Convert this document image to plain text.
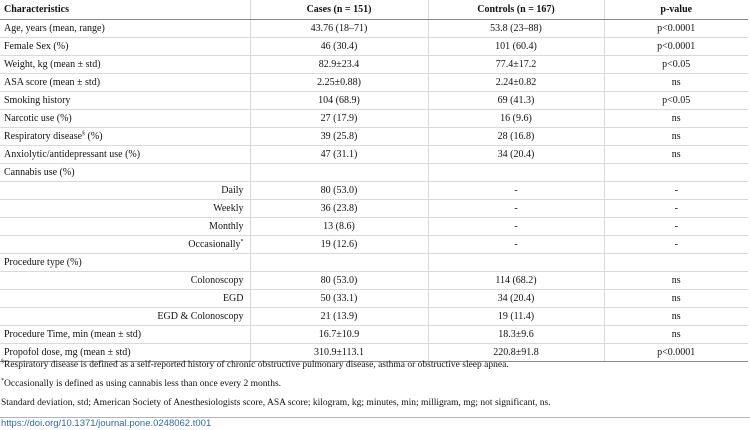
Characteristics	Cases (n = 151)	Controls (n = 167)	p-value
Age, years (mean, range)	43.76 (18–71)	53.8 (23–88)	p<0.0001
Female Sex (%)	46 (30.4)	101 (60.4)	p<0.0001
Weight, kg (mean ± std)	82.9±23.4	77.4±17.2	p<0.05
ASA score (mean ± std)	2.25±0.88)	2.24±0.82	ns
Smoking history	104 (68.9)	69 (41.3)	p<0.05
Narcotic use (%)	27 (17.9)	16 (9.6)	ns
Respiratory disease§ (%)	39 (25.8)	28 (16.8)	ns
Anxiolytic/antidepressant use (%)	47 (31.1)	34 (20.4)	ns
Cannabis use (%)			
Daily	80 (53.0)	-	-
Weekly	36 (23.8)	-	-
Monthly	13 (8.6)	-	-
Occasionally*	19 (12.6)	-	-
Procedure type (%)			
Colonoscopy	80 (53.0)	114 (68.2)	ns
EGD	50 (33.1)	34 (20.4)	ns
EGD & Colonoscopy	21 (13.9)	19 (11.4)	ns
Procedure Time, min (mean ± std)	16.7±10.9	18.3±9.6	ns
Propofol dose, mg (mean ± std)	310.9±113.1	220.8±91.8	p<0.0001

§Respiratory disease is defined as a self-reported history of chronic obstructive pulmonary disease, asthma or obstructive sleep apnea.

*Occasionally is defined as using cannabis less than once every 2 months.

Standard deviation, std; American Society of Anesthesiologists score, ASA score; kilogram, kg; minutes, min; milligram, mg; not significant, ns.

https://doi.org/10.1371/journal.pone.0248062.t001
